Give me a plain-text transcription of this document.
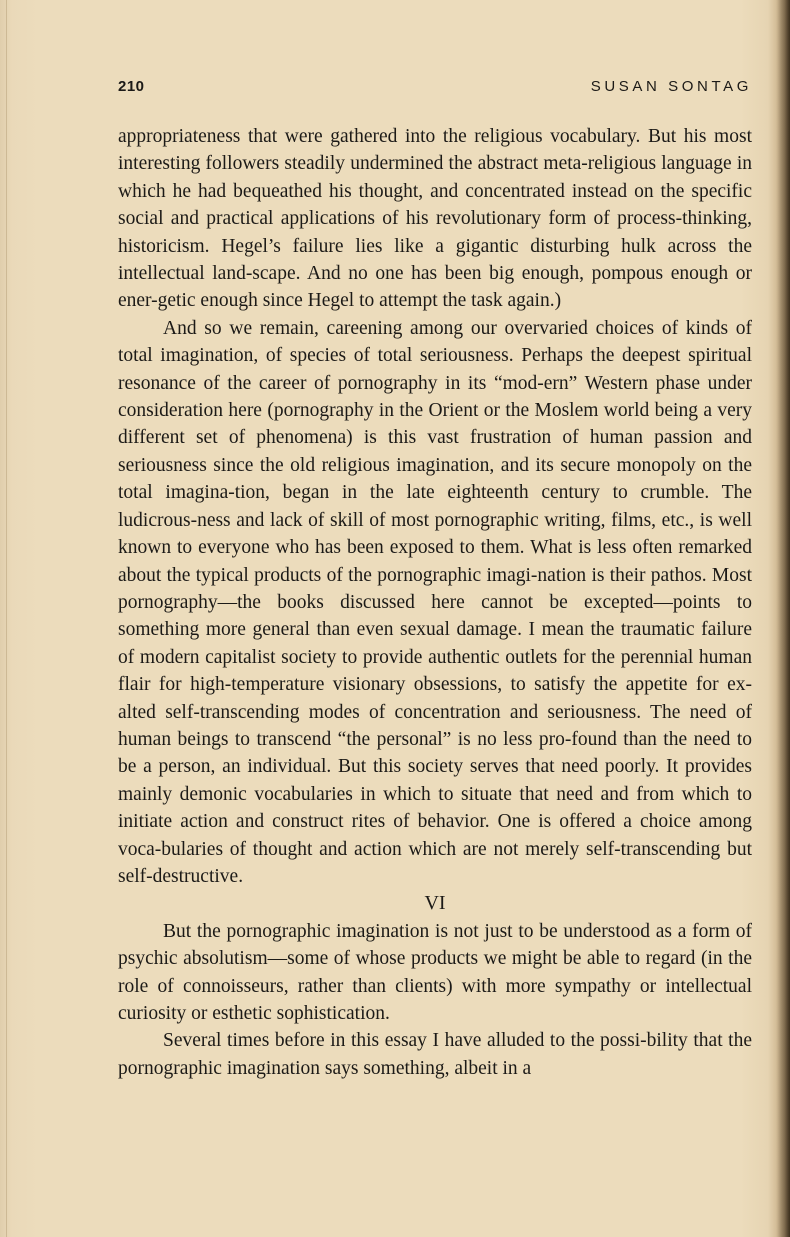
210	SUSAN SONTAG

appropriateness that were gathered into the religious vocabulary. But his most interesting followers steadily undermined the abstract meta-religious language in which he had bequeathed his thought, and concentrated instead on the specific social and practical applications of his revolutionary form of process-thinking, historicism. Hegel’s failure lies like a gigantic disturbing hulk across the intellectual land-scape. And no one has been big enough, pompous enough or ener-getic enough since Hegel to attempt the task again.)

And so we remain, careening among our overvaried choices of kinds of total imagination, of species of total seriousness. Perhaps the deepest spiritual resonance of the career of pornography in its “mod-ern” Western phase under consideration here (pornography in the Orient or the Moslem world being a very different set of phenomena) is this vast frustration of human passion and seriousness since the old religious imagination, and its secure monopoly on the total imagina-tion, began in the late eighteenth century to crumble. The ludicrous-ness and lack of skill of most pornographic writing, films, etc., is well known to everyone who has been exposed to them. What is less often remarked about the typical products of the pornographic imagi-nation is their pathos. Most pornography—the books discussed here cannot be excepted—points to something more general than even sexual damage. I mean the traumatic failure of modern capitalist society to provide authentic outlets for the perennial human flair for high-temperature visionary obsessions, to satisfy the appetite for ex-alted self-transcending modes of concentration and seriousness. The need of human beings to transcend “the personal” is no less pro-found than the need to be a person, an individual. But this society serves that need poorly. It provides mainly demonic vocabularies in which to situate that need and from which to initiate action and construct rites of behavior. One is offered a choice among voca-bularies of thought and action which are not merely self-transcending but self-destructive.

VI

But the pornographic imagination is not just to be understood as a form of psychic absolutism—some of whose products we might be able to regard (in the role of connoisseurs, rather than clients) with more sympathy or intellectual curiosity or esthetic sophistication.

Several times before in this essay I have alluded to the possi-bility that the pornographic imagination says something, albeit in a
